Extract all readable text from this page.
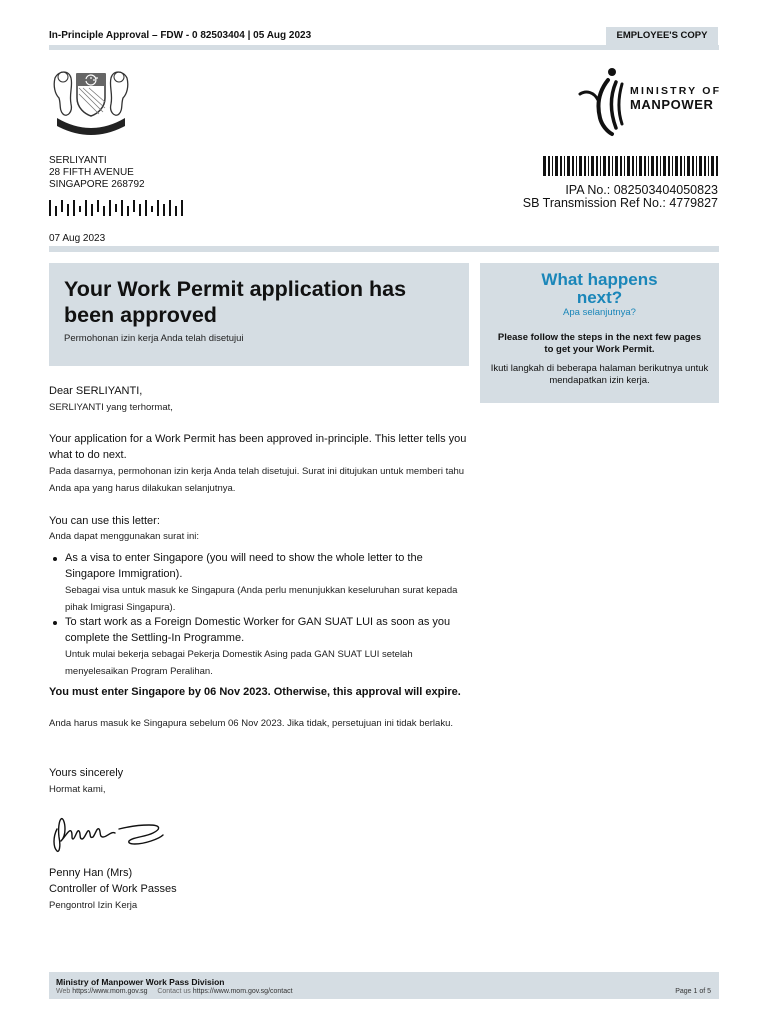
In-Principle Approval – FDW - 0 82503404 | 05 Aug 2023	EMPLOYEE'S COPY
MINISTRY OF
MANPOWER
SERLIYANTI
28 FIFTH AVENUE
SINGAPORE 268792	IPA No.: 082503404050823
SB Transmission Ref No.: 4779827
07 Aug 2023
Your Work Permit application has been approved
Permohonan izin kerja Anda telah disetujui
What happens
next?
Apa selanjutnya?
Please follow the steps in the next few pages to get your Work Permit.
Ikuti langkah di beberapa halaman berikutnya untuk mendapatkan izin kerja.
Dear SERLIYANTI,
SERLIYANTI yang terhormat,
Your application for a Work Permit has been approved in-principle. This letter tells you what to do next.
Pada dasarnya, permohonan izin kerja Anda telah disetujui. Surat ini ditujukan untuk memberi tahu Anda apa yang harus dilakukan selanjutnya.
You can use this letter:
Anda dapat menggunakan surat ini:
As a visa to enter Singapore (you will need to show the whole letter to the Singapore Immigration).
Sebagai visa untuk masuk ke Singapura (Anda perlu menunjukkan keseluruhan surat kepada pihak Imigrasi Singapura).
To start work as a Foreign Domestic Worker for GAN SUAT LUI as soon as you complete the Settling-In Programme.
Untuk mulai bekerja sebagai Pekerja Domestik Asing pada GAN SUAT LUI setelah menyelesaikan Program Peralihan.
You must enter Singapore by 06 Nov 2023. Otherwise, this approval will expire.
Anda harus masuk ke Singapura sebelum 06 Nov 2023. Jika tidak, persetujuan ini tidak berlaku.
Yours sincerely
Hormat kami,
Penny Han (Mrs)
Controller of Work Passes
Pengontrol Izin Kerja
Ministry of Manpower Work Pass Division
Web https://www.mom.gov.sg Contact us https://www.mom.gov.sg/contact	Page 1 of 5
